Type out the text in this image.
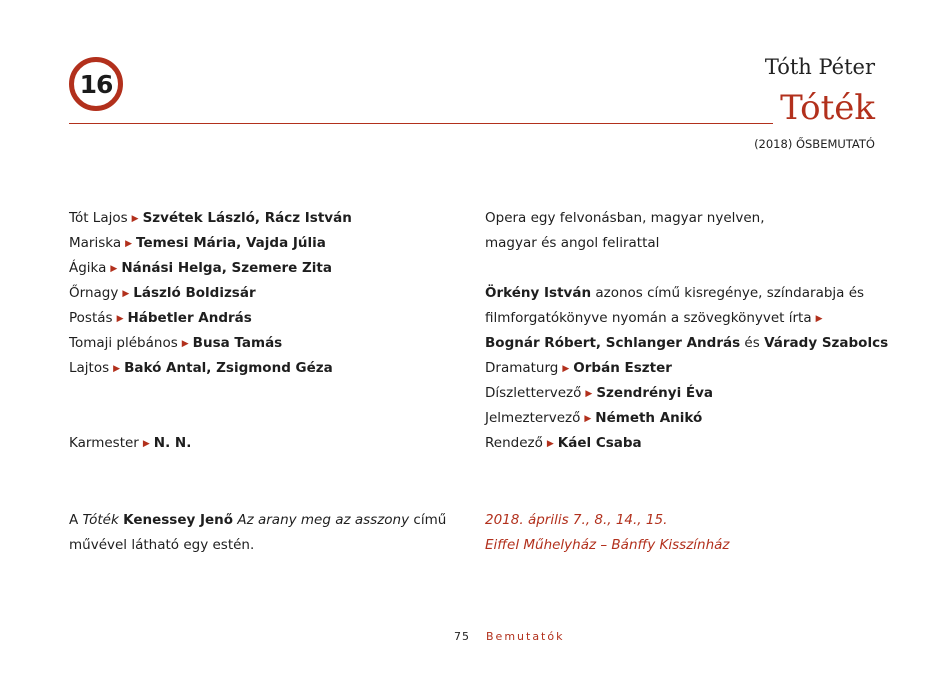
16
Tóth Péter
Tóték
(2018) ŐSBEMUTATÓ
Tót Lajos ▶ Szvétek László, Rácz István
Mariska ▶ Temesi Mária, Vajda Júlia
Ágika ▶ Nánási Helga, Szemere Zita
Őrnagy ▶ László Boldizsár
Postás ▶ Hábetler András
Tomaji plébános ▶ Busa Tamás
Lajtos ▶ Bakó Antal, Zsigmond Géza
Karmester ▶ N. N.
A Tóték Kenessey Jenő Az arany meg az asszony című
művével látható egy estén.
Opera egy felvonásban, magyar nyelven,
magyar és angol felirattal
Örkény István azonos című kisregénye, színdarabja és
filmforgatókönyve nyomán a szövegkönyvet írta ▶
Bognár Róbert, Schlanger András és Várady Szabolcs
Dramaturg ▶ Orbán Eszter
Díszlettervező ▶ Szendrényi Éva
Jelmeztervező ▶ Németh Anikó
Rendező ▶ Káel Csaba
2018. április 7., 8., 14., 15.
Eiffel Műhelyház – Bánffy Kisszínház
75 Bemutatók
